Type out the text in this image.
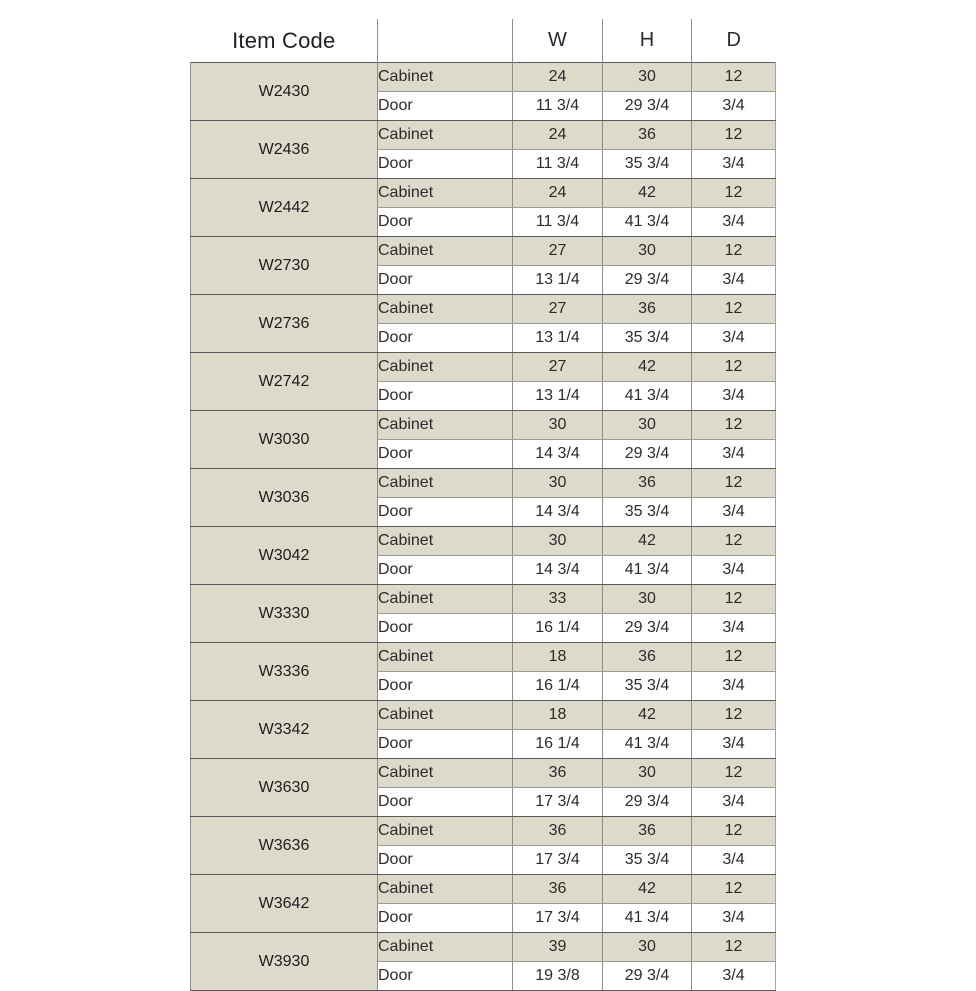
Item Code		W	H	D
W2430	Cabinet	24	30	12
	Door	11 3/4	29 3/4	3/4
W2436	Cabinet	24	36	12
	Door	11 3/4	35 3/4	3/4
W2442	Cabinet	24	42	12
	Door	11 3/4	41 3/4	3/4
W2730	Cabinet	27	30	12
	Door	13 1/4	29 3/4	3/4
W2736	Cabinet	27	36	12
	Door	13 1/4	35 3/4	3/4
W2742	Cabinet	27	42	12
	Door	13 1/4	41 3/4	3/4
W3030	Cabinet	30	30	12
	Door	14 3/4	29 3/4	3/4
W3036	Cabinet	30	36	12
	Door	14 3/4	35 3/4	3/4
W3042	Cabinet	30	42	12
	Door	14 3/4	41 3/4	3/4
W3330	Cabinet	33	30	12
	Door	16 1/4	29 3/4	3/4
W3336	Cabinet	18	36	12
	Door	16 1/4	35 3/4	3/4
W3342	Cabinet	18	42	12
	Door	16 1/4	41 3/4	3/4
W3630	Cabinet	36	30	12
	Door	17 3/4	29 3/4	3/4
W3636	Cabinet	36	36	12
	Door	17 3/4	35 3/4	3/4
W3642	Cabinet	36	42	12
	Door	17 3/4	41 3/4	3/4
W3930	Cabinet	39	30	12
	Door	19 3/8	29 3/4	3/4
